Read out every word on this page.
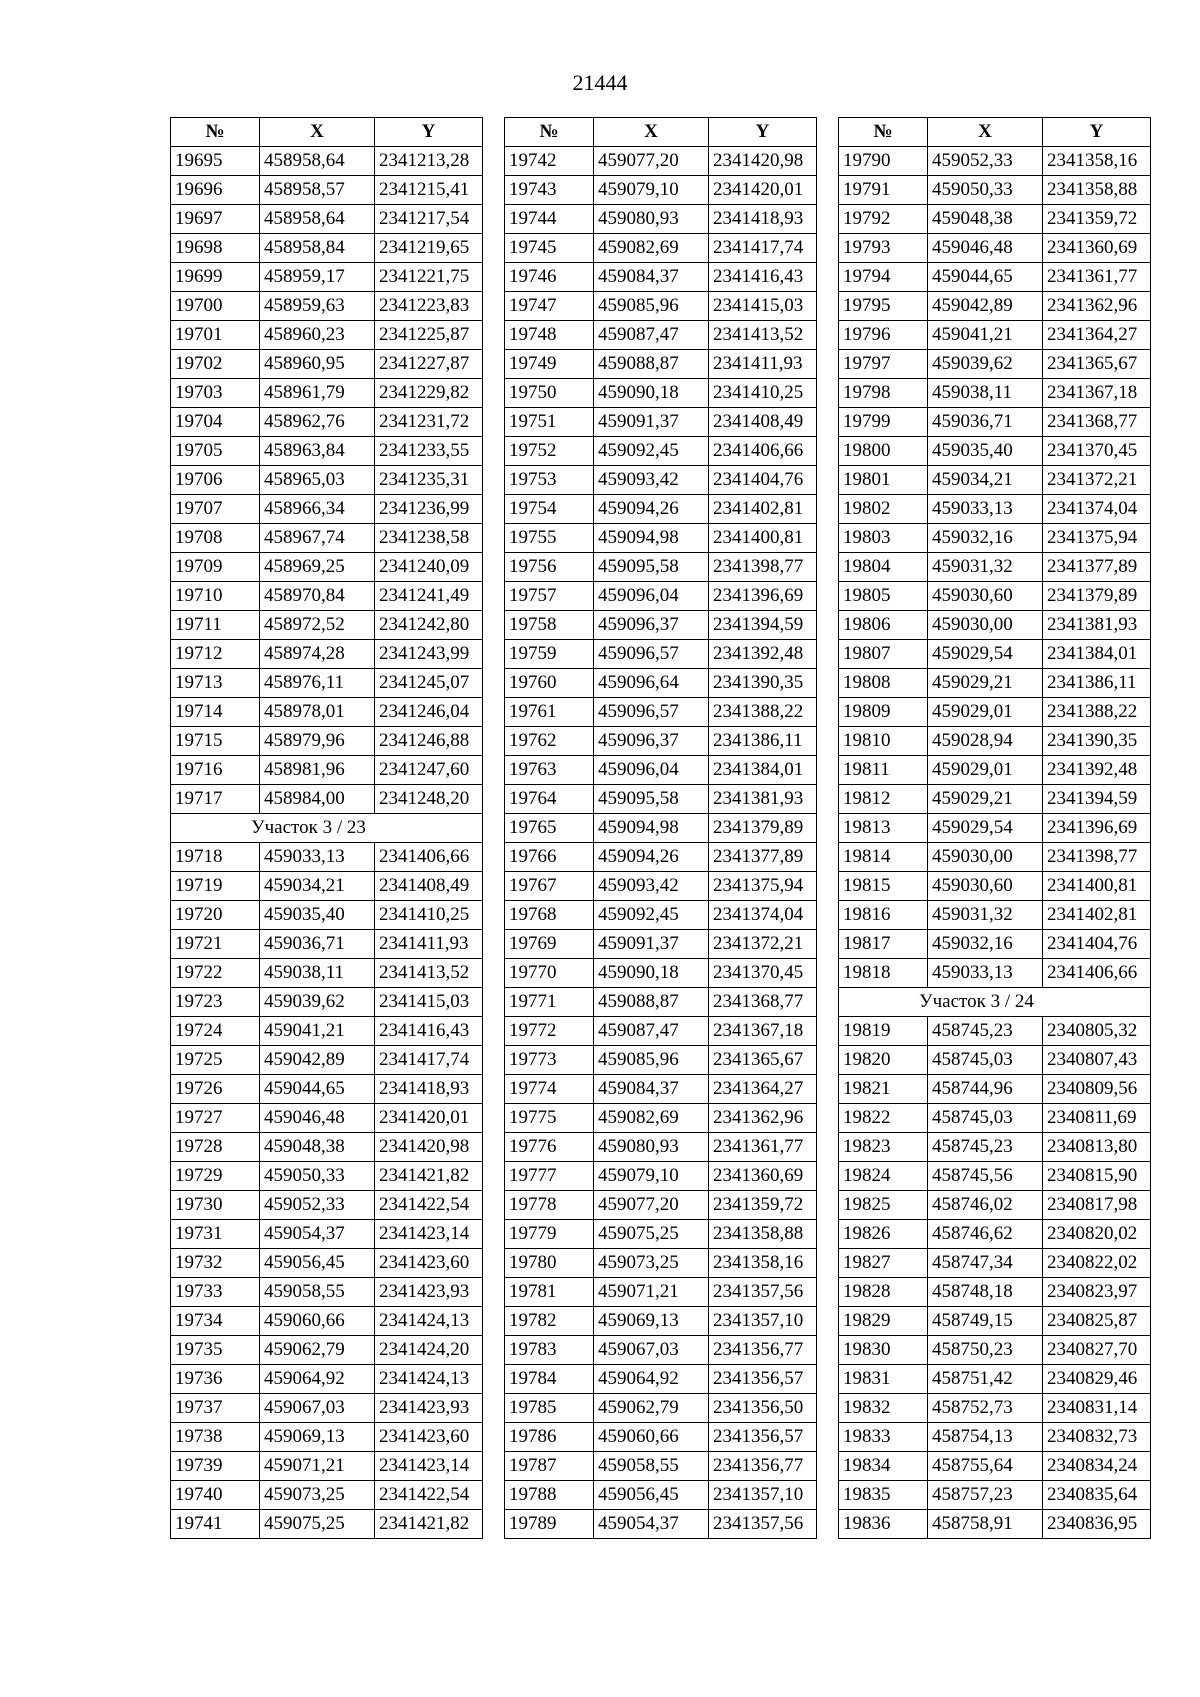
21444
№	X	Y
19695	458958,64	2341213,28
19696	458958,57	2341215,41
19697	458958,64	2341217,54
19698	458958,84	2341219,65
19699	458959,17	2341221,75
19700	458959,63	2341223,83
19701	458960,23	2341225,87
19702	458960,95	2341227,87
19703	458961,79	2341229,82
19704	458962,76	2341231,72
19705	458963,84	2341233,55
19706	458965,03	2341235,31
19707	458966,34	2341236,99
19708	458967,74	2341238,58
19709	458969,25	2341240,09
19710	458970,84	2341241,49
19711	458972,52	2341242,80
19712	458974,28	2341243,99
19713	458976,11	2341245,07
19714	458978,01	2341246,04
19715	458979,96	2341246,88
19716	458981,96	2341247,60
19717	458984,00	2341248,20
Участок 3 / 23		
19718	459033,13	2341406,66
19719	459034,21	2341408,49
19720	459035,40	2341410,25
19721	459036,71	2341411,93
19722	459038,11	2341413,52
19723	459039,62	2341415,03
19724	459041,21	2341416,43
19725	459042,89	2341417,74
19726	459044,65	2341418,93
19727	459046,48	2341420,01
19728	459048,38	2341420,98
19729	459050,33	2341421,82
19730	459052,33	2341422,54
19731	459054,37	2341423,14
19732	459056,45	2341423,60
19733	459058,55	2341423,93
19734	459060,66	2341424,13
19735	459062,79	2341424,20
19736	459064,92	2341424,13
19737	459067,03	2341423,93
19738	459069,13	2341423,60
19739	459071,21	2341423,14
19740	459073,25	2341422,54
19741	459075,25	2341421,82
№	X	Y
19742	459077,20	2341420,98
19743	459079,10	2341420,01
19744	459080,93	2341418,93
19745	459082,69	2341417,74
19746	459084,37	2341416,43
19747	459085,96	2341415,03
19748	459087,47	2341413,52
19749	459088,87	2341411,93
19750	459090,18	2341410,25
19751	459091,37	2341408,49
19752	459092,45	2341406,66
19753	459093,42	2341404,76
19754	459094,26	2341402,81
19755	459094,98	2341400,81
19756	459095,58	2341398,77
19757	459096,04	2341396,69
19758	459096,37	2341394,59
19759	459096,57	2341392,48
19760	459096,64	2341390,35
19761	459096,57	2341388,22
19762	459096,37	2341386,11
19763	459096,04	2341384,01
19764	459095,58	2341381,93
19765	459094,98	2341379,89
19766	459094,26	2341377,89
19767	459093,42	2341375,94
19768	459092,45	2341374,04
19769	459091,37	2341372,21
19770	459090,18	2341370,45
19771	459088,87	2341368,77
19772	459087,47	2341367,18
19773	459085,96	2341365,67
19774	459084,37	2341364,27
19775	459082,69	2341362,96
19776	459080,93	2341361,77
19777	459079,10	2341360,69
19778	459077,20	2341359,72
19779	459075,25	2341358,88
19780	459073,25	2341358,16
19781	459071,21	2341357,56
19782	459069,13	2341357,10
19783	459067,03	2341356,77
19784	459064,92	2341356,57
19785	459062,79	2341356,50
19786	459060,66	2341356,57
19787	459058,55	2341356,77
19788	459056,45	2341357,10
19789	459054,37	2341357,56
№	X	Y
19790	459052,33	2341358,16
19791	459050,33	2341358,88
19792	459048,38	2341359,72
19793	459046,48	2341360,69
19794	459044,65	2341361,77
19795	459042,89	2341362,96
19796	459041,21	2341364,27
19797	459039,62	2341365,67
19798	459038,11	2341367,18
19799	459036,71	2341368,77
19800	459035,40	2341370,45
19801	459034,21	2341372,21
19802	459033,13	2341374,04
19803	459032,16	2341375,94
19804	459031,32	2341377,89
19805	459030,60	2341379,89
19806	459030,00	2341381,93
19807	459029,54	2341384,01
19808	459029,21	2341386,11
19809	459029,01	2341388,22
19810	459028,94	2341390,35
19811	459029,01	2341392,48
19812	459029,21	2341394,59
19813	459029,54	2341396,69
19814	459030,00	2341398,77
19815	459030,60	2341400,81
19816	459031,32	2341402,81
19817	459032,16	2341404,76
19818	459033,13	2341406,66
Участок 3 / 24		
19819	458745,23	2340805,32
19820	458745,03	2340807,43
19821	458744,96	2340809,56
19822	458745,03	2340811,69
19823	458745,23	2340813,80
19824	458745,56	2340815,90
19825	458746,02	2340817,98
19826	458746,62	2340820,02
19827	458747,34	2340822,02
19828	458748,18	2340823,97
19829	458749,15	2340825,87
19830	458750,23	2340827,70
19831	458751,42	2340829,46
19832	458752,73	2340831,14
19833	458754,13	2340832,73
19834	458755,64	2340834,24
19835	458757,23	2340835,64
19836	458758,91	2340836,95
